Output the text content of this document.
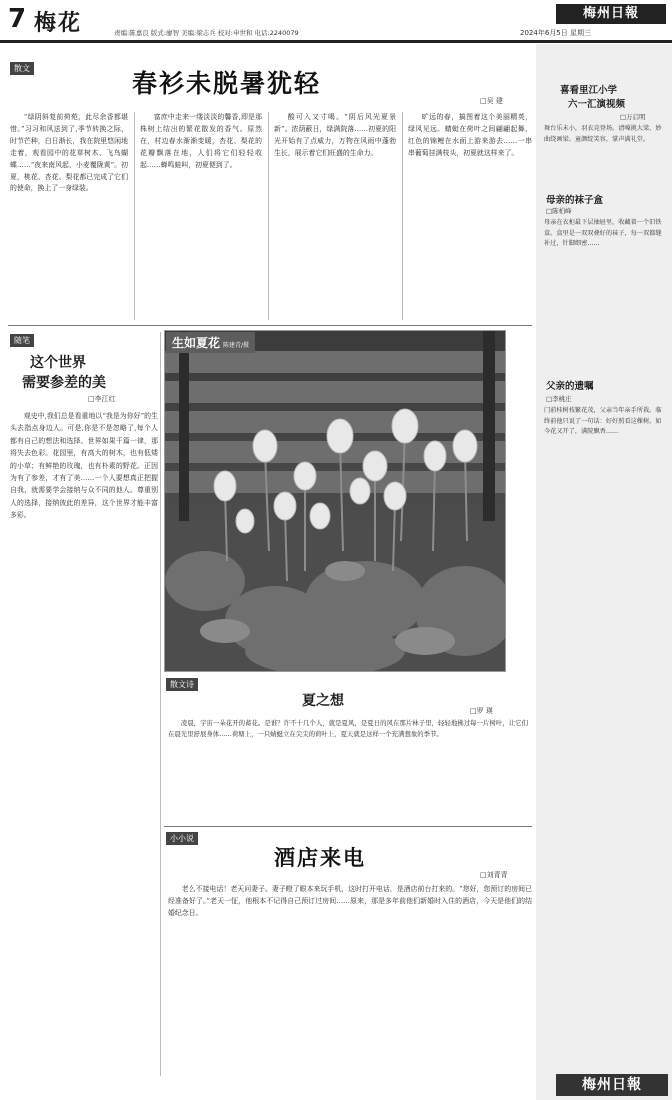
7 梅花	责编:陈嘉良 版式:廖智 美编:梁志兵 校对:申世和 电话:2240079
梅州日報
2024年6月5日 星期三
散文
春衫未脱暑犹轻
□吴 建

“绿阴斜复前荷苑，此尽余香都堪惜。”习习和风送到了,季节转换之际，时节芒种，白日渐长，我在院里悠闲地走着，观看园中的花草树木、飞鸟蝴蝶……“夜来南风起，小麦覆陇黄”。初夏，桃花、杏花、梨花都已完成了它们的使命，换上了一身绿装。

富庶中走来一缕淡淡的馨香,即是那株树上结出的繁花散发的香气。原然在，村边春水渐渐变暖，杏花、梨花的花瓣飘落在地，人们将它们轻轻收起……蝉鸣蛙叫，初夏便到了。

酸可入又寸喝。“阴后风光夏景新”。浓荫蔽日，绿满院落……初夏的阳光开始有了点威力，万物在风雨中蓬勃生长，展示着它们旺盛的生命力。

旷远的春，搞图着这个美丽精英，绿风见远。蜻蜓在荷叶之间翩翩起舞，红色的锦鲤在水面上游来游去……一串串葡萄挂满枝头，初夏就这样来了。

随笔
这个世界
需要参差的美
□李江红

观史中,我们总是看重地以“我是为你好”的生头去指点身边人。可是,你是不是忽略了,每个人都有自己的想法和选择。世界如果千篇一律，那将失去色彩。花园里，有高大的树木，也有低矮的小草；有鲜艳的玫瑰，也有朴素的野花。正因为有了参差，才有了美……一个人要想真正把握自我，就需要学会接纳与众不同的他人。尊重别人的选择，接纳彼此的差异，这个世界才能丰富多彩。

生如夏花 陈建青/摄
散文诗
夏之想
□罗 瑛

凌晨，宇宙一朵花开的蓄花。是谁？许不十几个人，就是夏风，是夏日的风在那片林子里，轻轻地拂过每一片树叶，让它们在晨光里舒展身体……荷塘上，一只蜻蜓立在尖尖的荷叶上，夏天就是这样一个充满想象的季节。

小小说
酒店来电
□刘青青

老么不接电话！老天问妻子。妻子瞪了眼本来玩手机，这时打开电话，是酒店前台打来的。“您好，您预订的房间已经准备好了。”老天一怔，他根本不记得自己预订过房间……原来，那是多年前他们新婚时入住的酒店，今天是他们的结婚纪念日。

喜看里江小学
六一汇演视频
□万启明
舞台乐未小，羽衣竞登场。清嗓挑大梁，妙曲绕画梁。童颜绽笑容，掌声满礼堂。
母亲的袜子盒
□陈柏峰
母亲在衣柜最下层抽屉里，收藏着一个旧铁盒。盒里是一双双叠好的袜子，每一双都缝补过，针脚细密……
父亲的遗嘱
□李桃庄
门前桂树枝繁花茂，父亲当年亲手所栽。临终前他只说了一句话：好好照看这棵树。如今花又开了，满院飘香……
梅州日報
